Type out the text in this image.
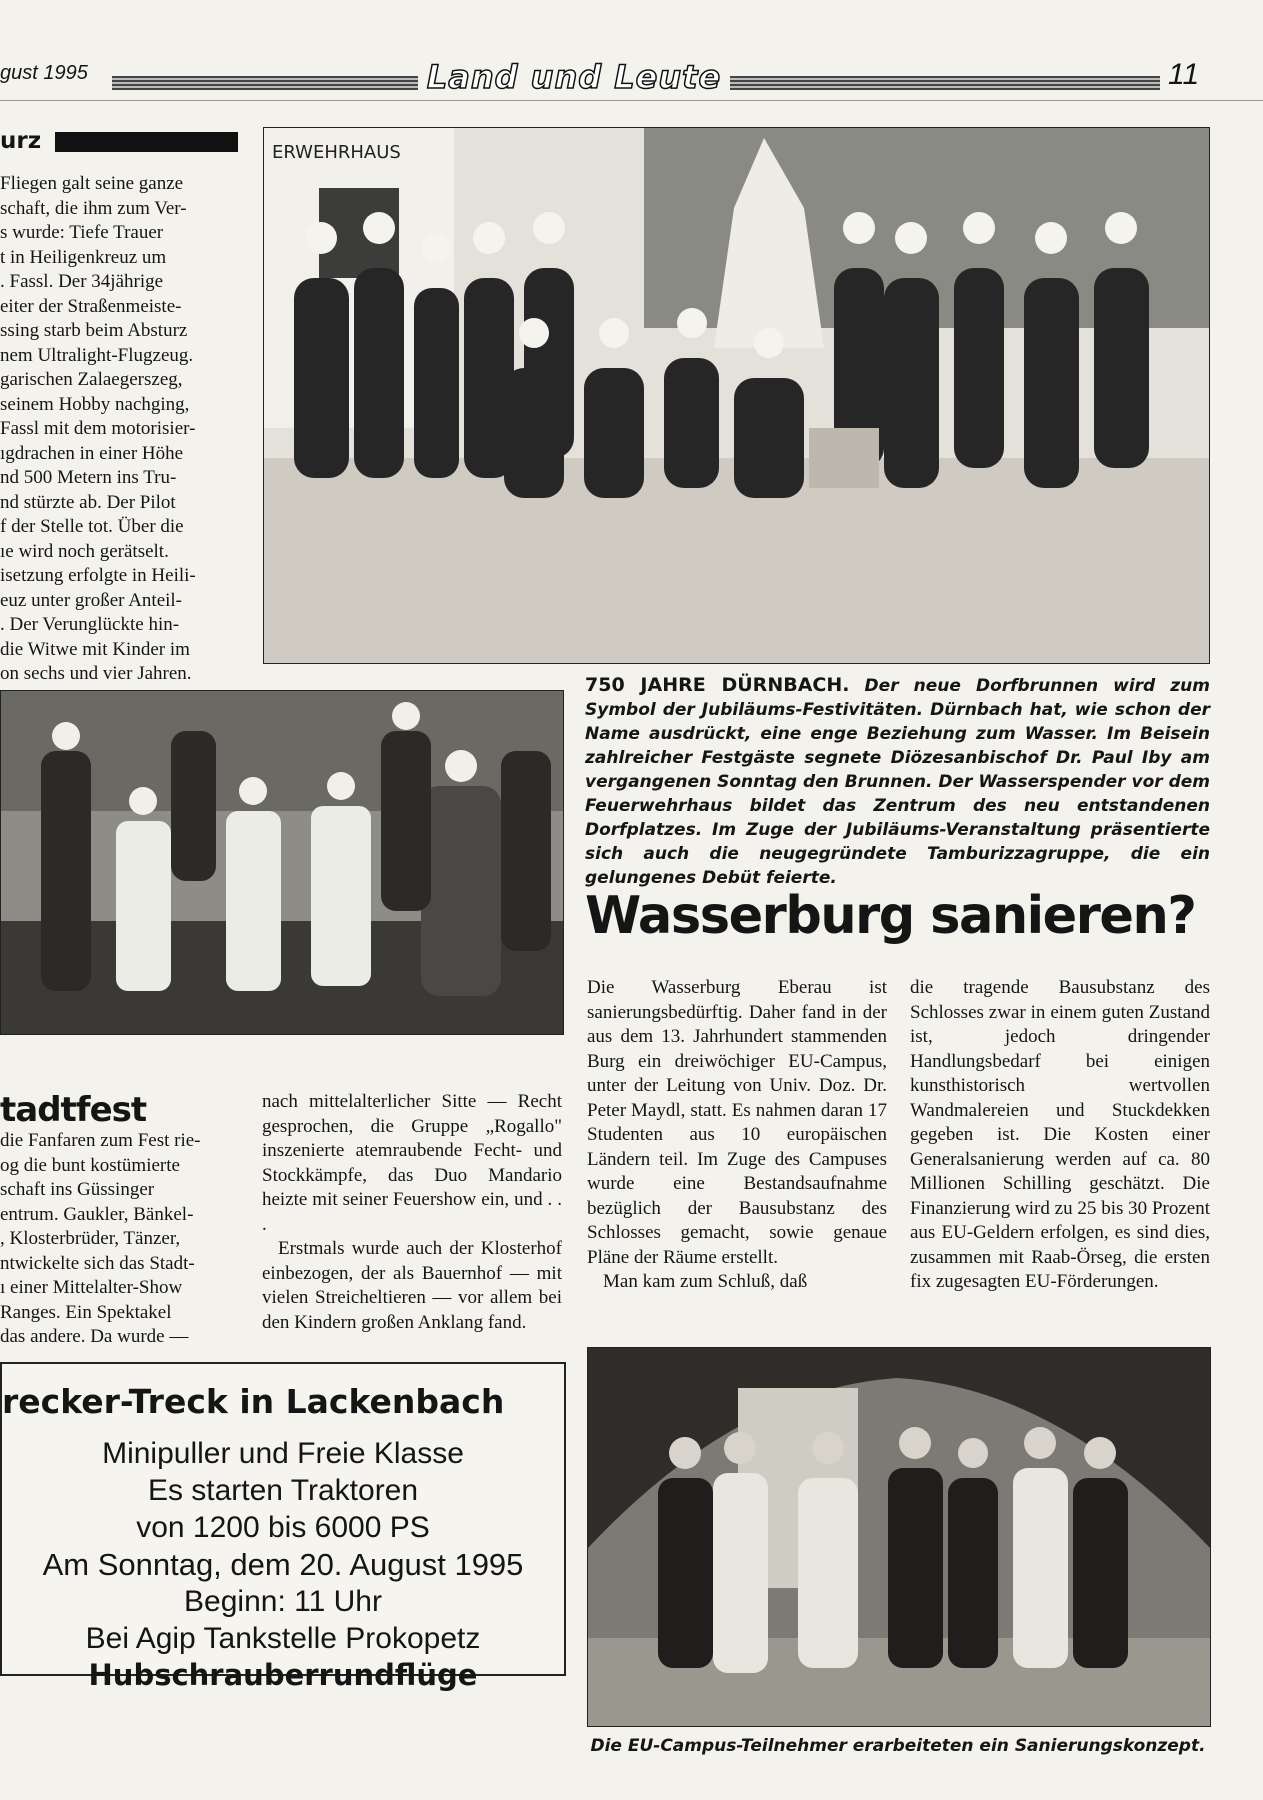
gust 1995	Land und Leute	11
urz
Fliegen galt seine ganze
schaft, die ihm zum Ver-
s wurde: Tiefe Trauer
t in Heiligenkreuz um
. Fassl. Der 34jährige
eiter der Straßenmeiste-
ssing starb beim Absturz
nem Ultralight-Flugzeug.
garischen Zalaegerszeg,
seinem Hobby nachging,
Fassl mit dem motorisier-
ıgdrachen in einer Höhe
nd 500 Metern ins Tru-
nd stürzte ab. Der Pilot
f der Stelle tot. Über die
ıe wird noch gerätselt.
isetzung erfolgte in Heili-
euz unter großer Anteil-
. Der Verunglückte hin-
die Witwe mit Kinder im
on sechs und vier Jahren.
ERWEHRHAUS
750 JAHRE DÜRNBACH. Der neue Dorfbrunnen wird zum Symbol der Jubiläums-Festivitäten. Dürnbach hat, wie schon der Name ausdrückt, eine enge Beziehung zum Wasser. Im Beisein zahlreicher Festgäste segnete Diözesanbischof Dr. Paul Iby am vergangenen Sonntag den Brunnen. Der Wasserspender vor dem Feuerwehrhaus bildet das Zentrum des neu entstandenen Dorfplatzes. Im Zuge der Jubiläums-Veranstaltung präsentierte sich auch die neugegründete Tamburizzagruppe, die ein gelungenes Debüt feierte.
tadtfest
die Fanfaren zum Fest rie-
og die bunt kostümierte
schaft ins Güssinger
entrum. Gaukler, Bänkel-
, Klosterbrüder, Tänzer,
ntwickelte sich das Stadt-
ı einer Mittelalter-Show
Ranges. Ein Spektakel
das andere. Da wurde —

nach mittelalterlicher Sitte — Recht gesprochen, die Gruppe „Rogallo" inszenierte atemraubende Fecht- und Stockkämpfe, das Duo Mandario heizte mit seiner Feuershow ein, und . . .

Erstmals wurde auch der Klosterhof einbezogen, der als Bauernhof — mit vielen Streicheltieren — vor allem bei den Kindern großen Anklang fand.

Wasserburg sanieren?

Die Wasserburg Eberau ist sanierungsbedürftig. Daher fand in der aus dem 13. Jahrhundert stammenden Burg ein dreiwöchiger EU-Campus, unter der Leitung von Univ. Doz. Dr. Peter Maydl, statt. Es nahmen daran 17 Studenten aus 10 europäischen Ländern teil. Im Zuge des Campuses wurde eine Bestandsaufnahme bezüglich der Bausubstanz des Schlosses gemacht, sowie genaue Pläne der Räume erstellt.

Man kam zum Schluß, daß

die tragende Bausubstanz des Schlosses zwar in einem guten Zustand ist, jedoch dringender Handlungsbedarf bei einigen kunsthistorisch wertvollen Wandmalereien und Stuckdekken gegeben ist. Die Kosten einer Generalsanierung werden auf ca. 80 Millionen Schilling geschätzt. Die Finanzierung wird zu 25 bis 30 Prozent aus EU-Geldern erfolgen, es sind dies, zusammen mit Raab-Örseg, die ersten fix zugesagten EU-Förderungen.

recker-Treck in Lackenbach
Minipuller und Freie Klasse
Es starten Traktoren
von 1200 bis 6000 PS
Am Sonntag, dem 20. August 1995
Beginn: 11 Uhr
Bei Agip Tankstelle Prokopetz
Hubschrauberrundflüge
Die EU-Campus-Teilnehmer erarbeiteten ein Sanierungskonzept.
